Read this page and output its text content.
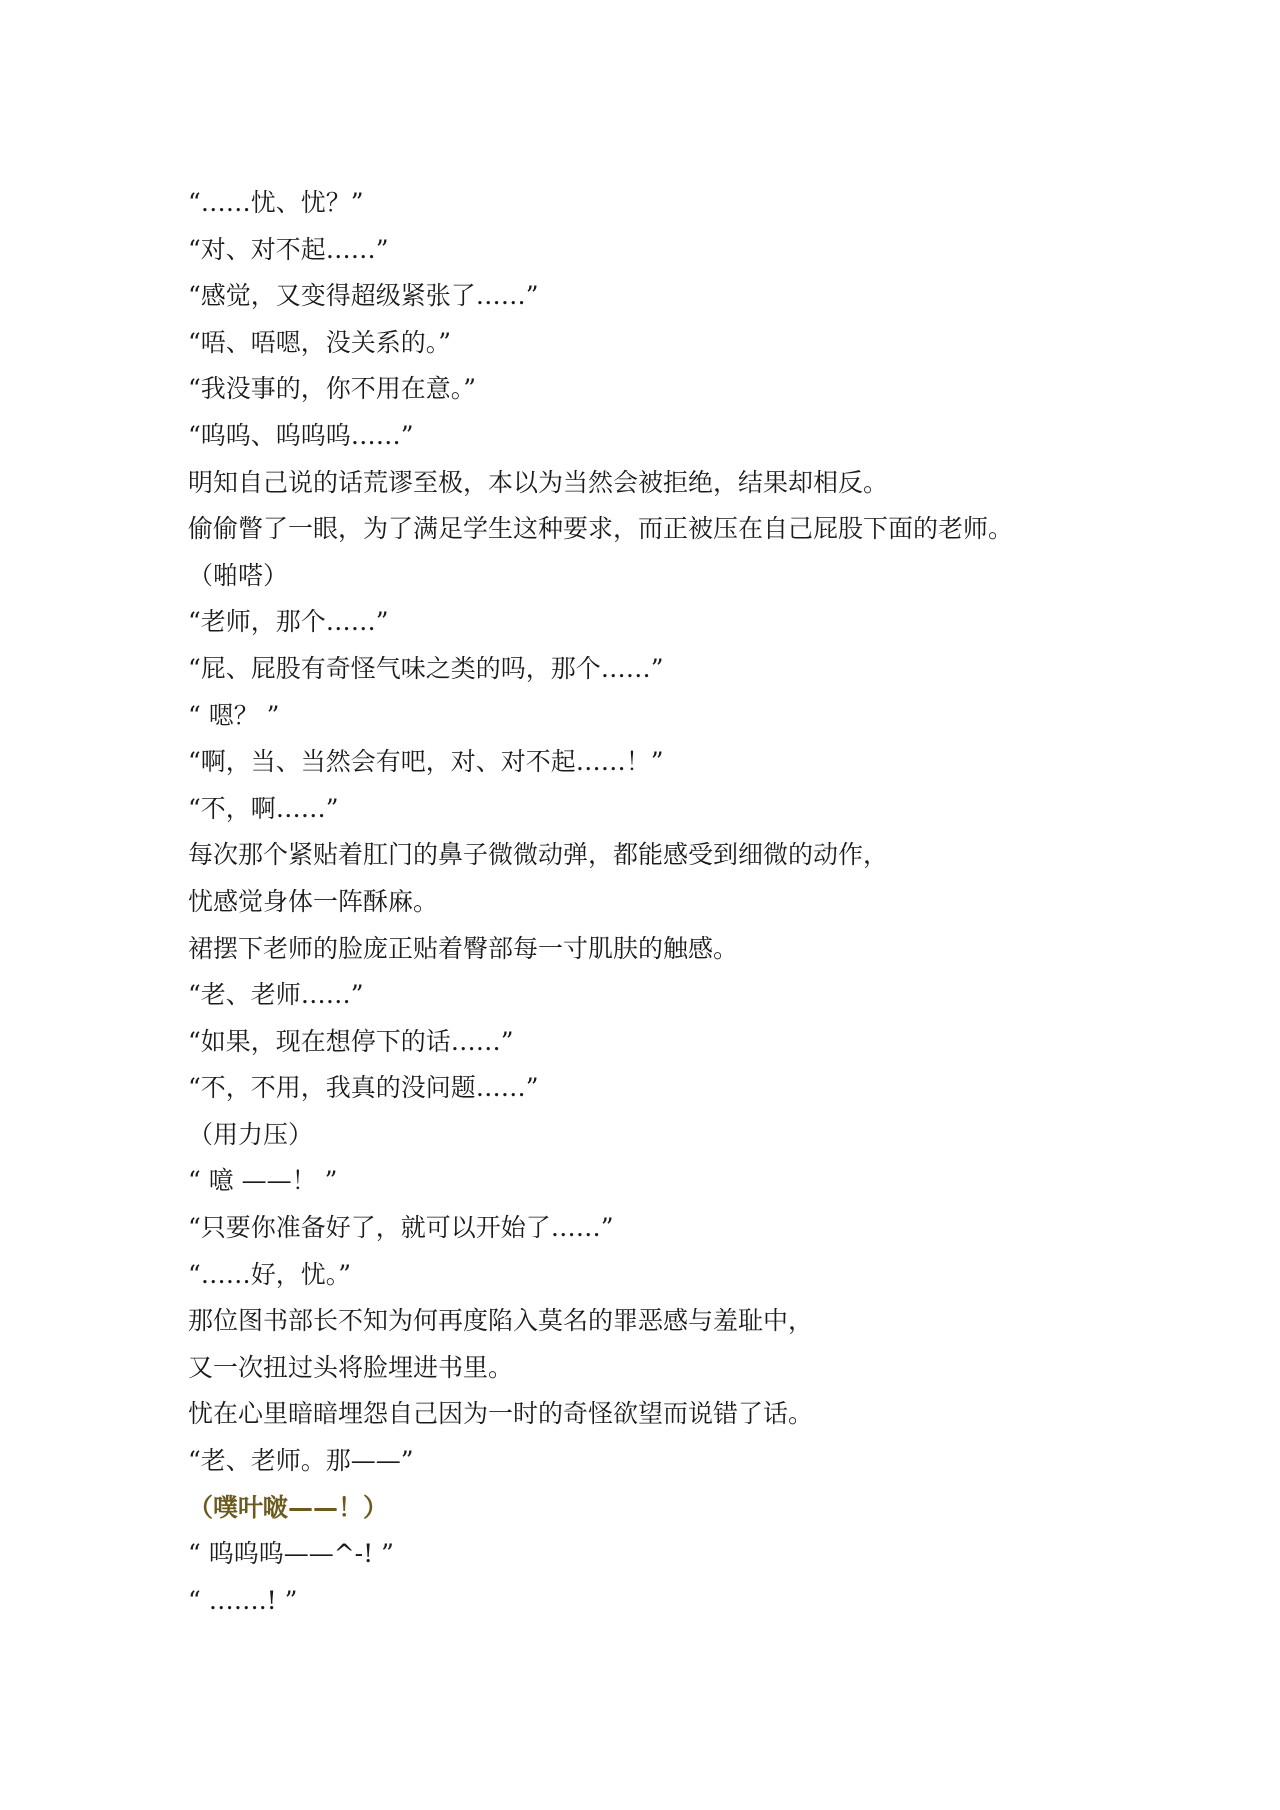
“……忧、忧？”

“对、对不起……”

“感觉，又变得超级紧张了……”

“唔、唔嗯，没关系的。”

“我没事的，你不用在意。”

“呜呜、呜呜呜……”

明知自己说的话荒谬至极，本以为当然会被拒绝，结果却相反。

偷偷瞥了一眼，为了满足学生这种要求，而正被压在自己屁股下面的老师。

（啪嗒）

“老师，那个……”

“屁、屁股有奇怪气味之类的吗，那个……”

“ 嗯？ ”

“啊，当、当然会有吧，对、对不起……！”

“不，啊……”

每次那个紧贴着肛门的鼻子微微动弹，都能感受到细微的动作，

忧感觉身体一阵酥麻。

裙摆下老师的脸庞正贴着臀部每一寸肌肤的触感。

“老、老师……”

“如果，现在想停下的话……”

“不，不用，我真的没问题……”

（用力压）

“ 噫 ——！ ”

“只要你准备好了，就可以开始了……”

“……好，忧。”

那位图书部长不知为何再度陷入莫名的罪恶感与羞耻中，

又一次扭过头将脸埋进书里。

忧在心里暗暗埋怨自己因为一时的奇怪欲望而说错了话。

“老、老师。那——”

（噗叶啵——！）

“ 呜呜呜——^-! ”

“ …….! ”
